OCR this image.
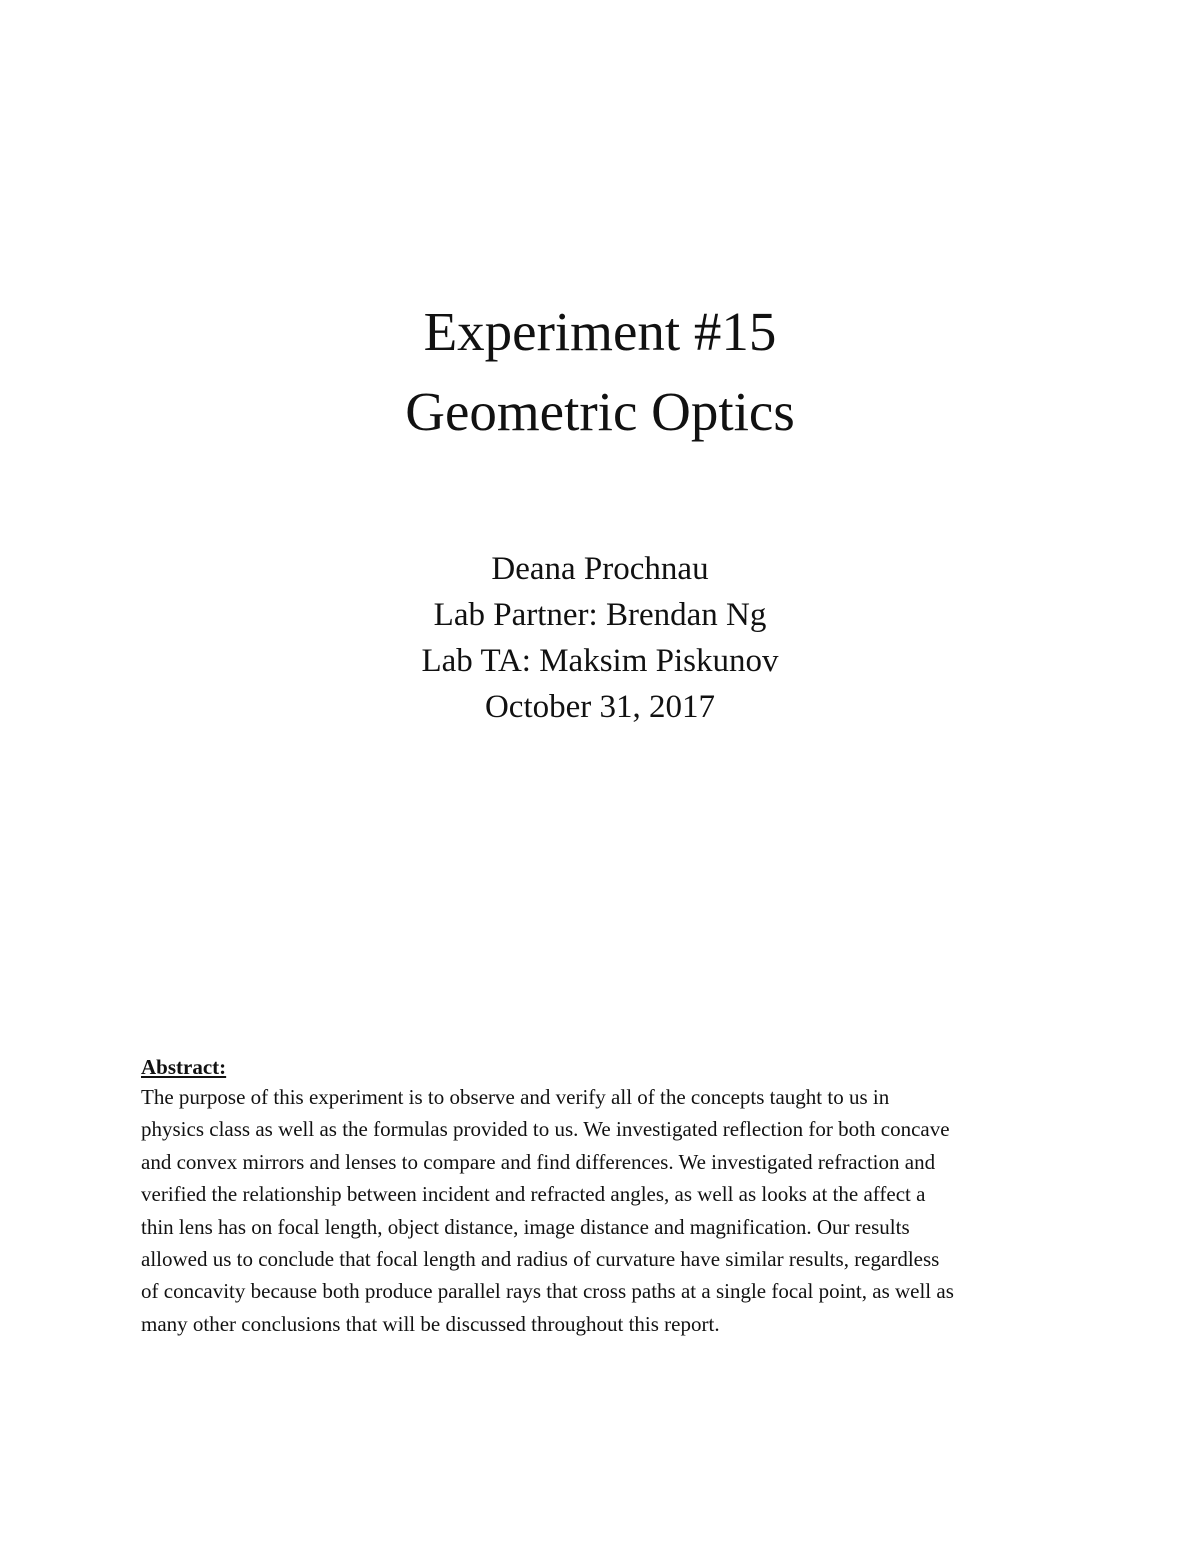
Experiment #15
Geometric Optics
Deana Prochnau
Lab Partner: Brendan Ng
Lab TA: Maksim Piskunov
October 31, 2017
Abstract:
The purpose of this experiment is to observe and verify all of the concepts taught to us in
physics class as well as the formulas provided to us. We investigated reflection for both concave
and convex mirrors and lenses to compare and find differences. We investigated refraction and
verified the relationship between incident and refracted angles, as well as looks at the affect a
thin lens has on focal length, object distance, image distance and magnification. Our results
allowed us to conclude that focal length and radius of curvature have similar results, regardless
of concavity because both produce parallel rays that cross paths at a single focal point, as well as
many other conclusions that will be discussed throughout this report.
